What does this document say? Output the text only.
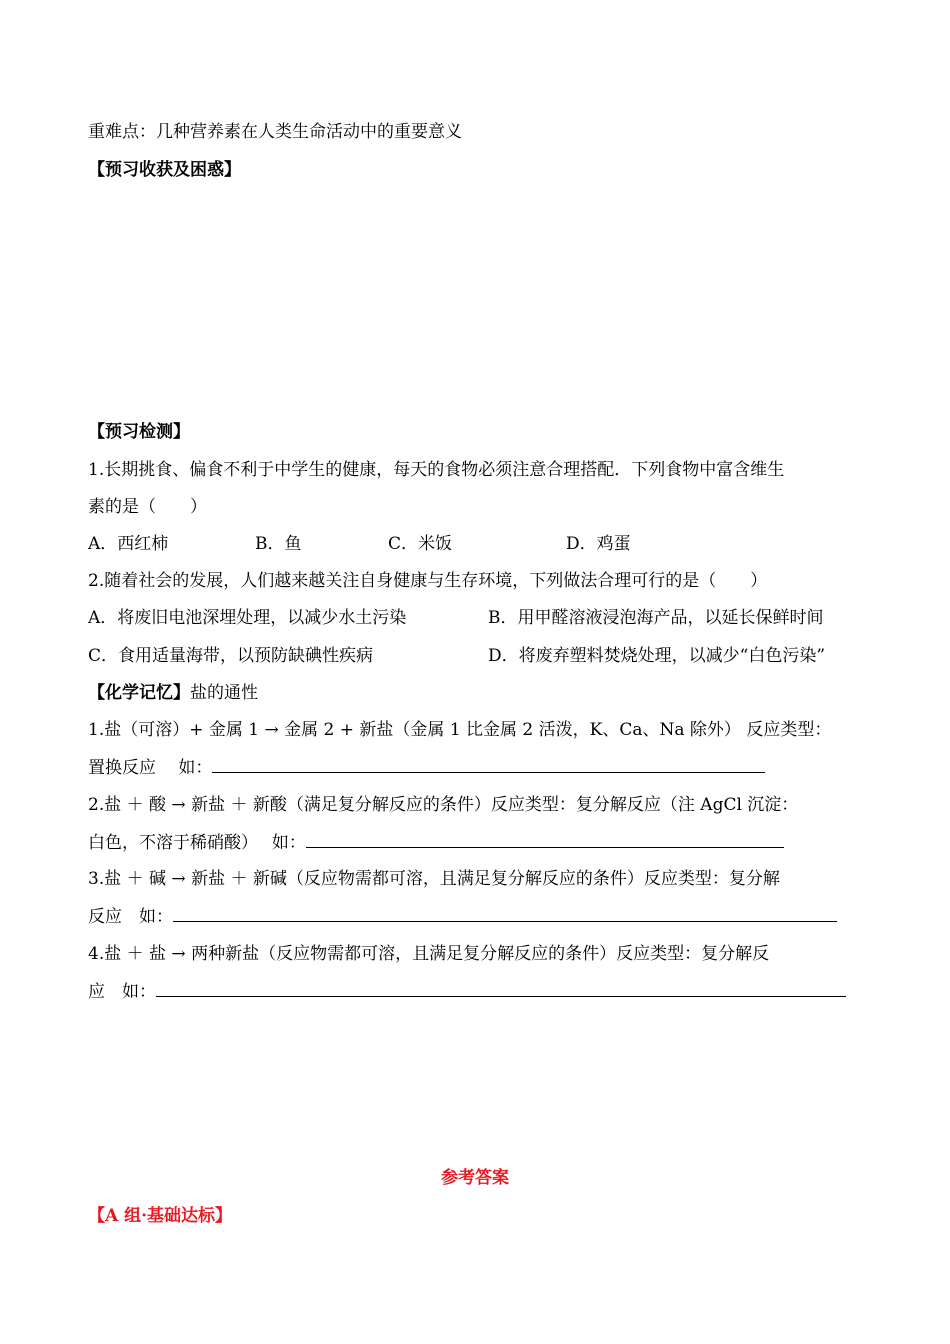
重难点：几种营养素在人类生命活动中的重要意义
【预习收获及困惑】
【预习检测】
1.长期挑食、偏食不利于中学生的健康，每天的食物必须注意合理搭配．下列食物中富含维生
素的是（　　）
A．西红柿	B．鱼	C．米饭	D．鸡蛋
2.随着社会的发展，人们越来越关注自身健康与生存环境，下列做法合理可行的是（　　）
A．将废旧电池深埋处理，以减少水土污染	B．用甲醛溶液浸泡海产品，以延长保鲜时间
C．食用适量海带，以预防缺碘性疾病	D．将废弃塑料焚烧处理，以减少“白色污染”
【化学记忆】盐的通性
1.盐（可溶）+ 金属 1 → 金属 2 + 新盐（金属 1 比金属 2 活泼，K、Ca、Na 除外） 反应类型：
置换反应　 如：
2.盐 ＋ 酸 → 新盐 ＋ 新酸（满足复分解反应的条件）反应类型：复分解反应（注 AgCl 沉淀：
白色，不溶于稀硝酸）　 如：
3.盐 ＋ 碱 → 新盐 ＋ 新碱（反应物需都可溶，且满足复分解反应的条件）反应类型：复分解
反应　如：
4.盐 ＋ 盐 → 两种新盐（反应物需都可溶，且满足复分解反应的条件）反应类型：复分解反
应　如：
参考答案
【A 组·基础达标】
